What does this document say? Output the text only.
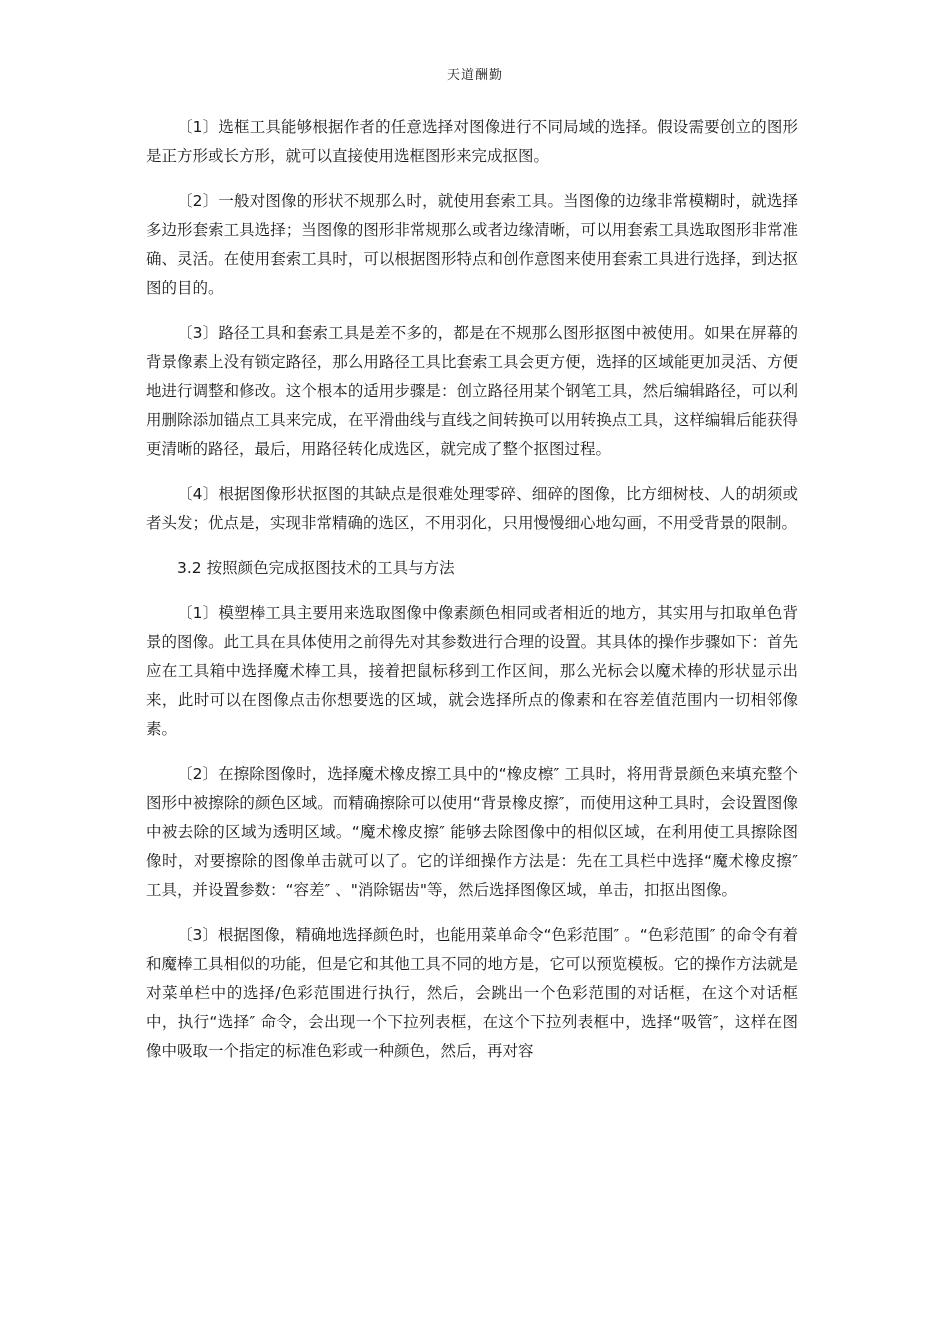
天道酬勤

〔1〕选框工具能够根据作者的任意选择对图像进行不同局域的选择。假设需要创立的图形是正方形或长方形，就可以直接使用选框图形来完成抠图。

〔2〕一般对图像的形状不规那么时，就使用套索工具。当图像的边缘非常模糊时，就选择多边形套索工具选择；当图像的图形非常规那么或者边缘清晰，可以用套索工具选取图形非常准确、灵活。在使用套索工具时，可以根据图形特点和创作意图来使用套索工具进行选择，到达抠图的目的。

〔3〕路径工具和套索工具是差不多的，都是在不规那么图形抠图中被使用。如果在屏幕的背景像素上没有锁定路径，那么用路径工具比套索工具会更方便，选择的区域能更加灵活、方便地进行调整和修改。这个根本的适用步骤是：创立路径用某个钢笔工具，然后编辑路径，可以利用删除添加锚点工具来完成，在平滑曲线与直线之间转换可以用转换点工具，这样编辑后能获得更清晰的路径，最后，用路径转化成选区，就完成了整个抠图过程。

〔4〕根据图像形状抠图的其缺点是很难处理零碎、细碎的图像，比方细树枝、人的胡须或者头发；优点是，实现非常精确的选区，不用羽化，只用慢慢细心地勾画，不用受背景的限制。

3.2 按照颜色完成抠图技术的工具与方法

〔1〕模塑棒工具主要用来选取图像中像素颜色相同或者相近的地方，其实用与扣取单色背景的图像。此工具在具体使用之前得先对其参数进行合理的设置。其具体的操作步骤如下：首先应在工具箱中选择魔术棒工具，接着把鼠标移到工作区间，那么光标会以魔术棒的形状显示出来，此时可以在图像点击你想要选的区域，就会选择所点的像素和在容差值范围内一切相邻像素。

〔2〕在擦除图像时，选择魔术橡皮擦工具中的“橡皮檫″ 工具时，将用背景颜色来填充整个图形中被擦除的颜色区域。而精确擦除可以使用“背景橡皮擦″，而使用这种工具时，会设置图像中被去除的区域为透明区域。“魔术橡皮擦″ 能够去除图像中的相似区域，在利用使工具擦除图像时，对要擦除的图像单击就可以了。它的详细操作方法是：先在工具栏中选择“魔术橡皮擦″ 工具，并设置参数：“容差″ 、"消除锯齿"等，然后选择图像区域，单击，扣抠出图像。

〔3〕根据图像，精确地选择颜色时，也能用菜单命令“色彩范围″ 。“色彩范围″ 的命令有着和魔棒工具相似的功能，但是它和其他工具不同的地方是，它可以预览模板。它的操作方法就是对菜单栏中的选择/色彩范围进行执行，然后，会跳出一个色彩范围的对话框，在这个对话框中，执行“选择″ 命令，会出现一个下拉列表框，在这个下拉列表框中，选择“吸管″，这样在图像中吸取一个指定的标准色彩或一种颜色，然后，再对容
